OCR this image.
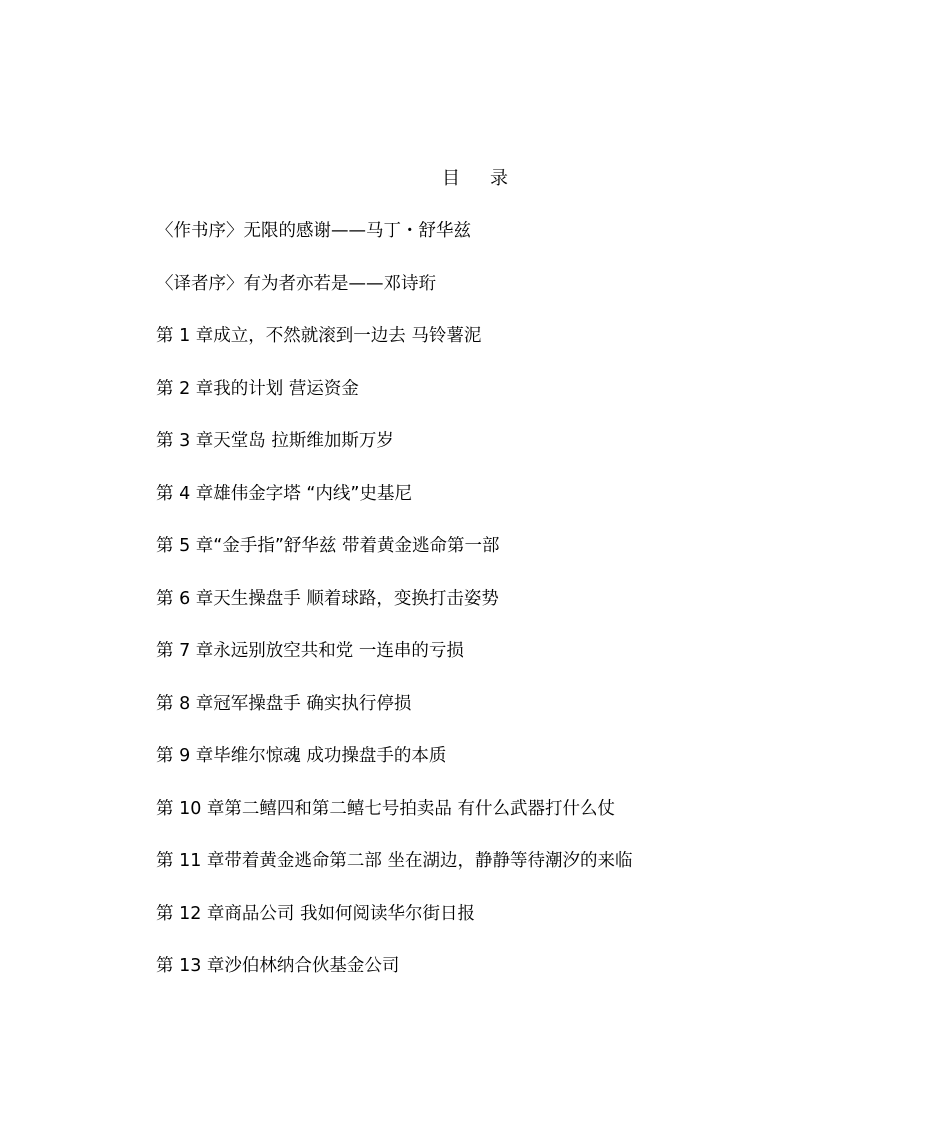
目录
〈作书序〉无限的感谢——马丁・舒华兹
〈译者序〉有为者亦若是——邓诗珩
第 1 章成立，不然就滚到一边去 马铃薯泥
第 2 章我的计划 营运资金
第 3 章天堂岛 拉斯维加斯万岁
第 4 章雄伟金字塔 “内线”史基尼
第 5 章“金手指”舒华兹 带着黄金逃命第一部
第 6 章天生操盘手 顺着球路，变换打击姿势
第 7 章永远别放空共和党 一连串的亏损
第 8 章冠军操盘手 确实执行停损
第 9 章毕维尔惊魂 成功操盘手的本质
第 10 章第二𬶮四和第二𬶮七号拍卖品 有什么武器打什么仗
第 11 章带着黄金逃命第二部 坐在湖边，静静等待潮汐的来临
第 12 章商品公司 我如何阅读华尔街日报
第 13 章沙伯林纳合伙基金公司
